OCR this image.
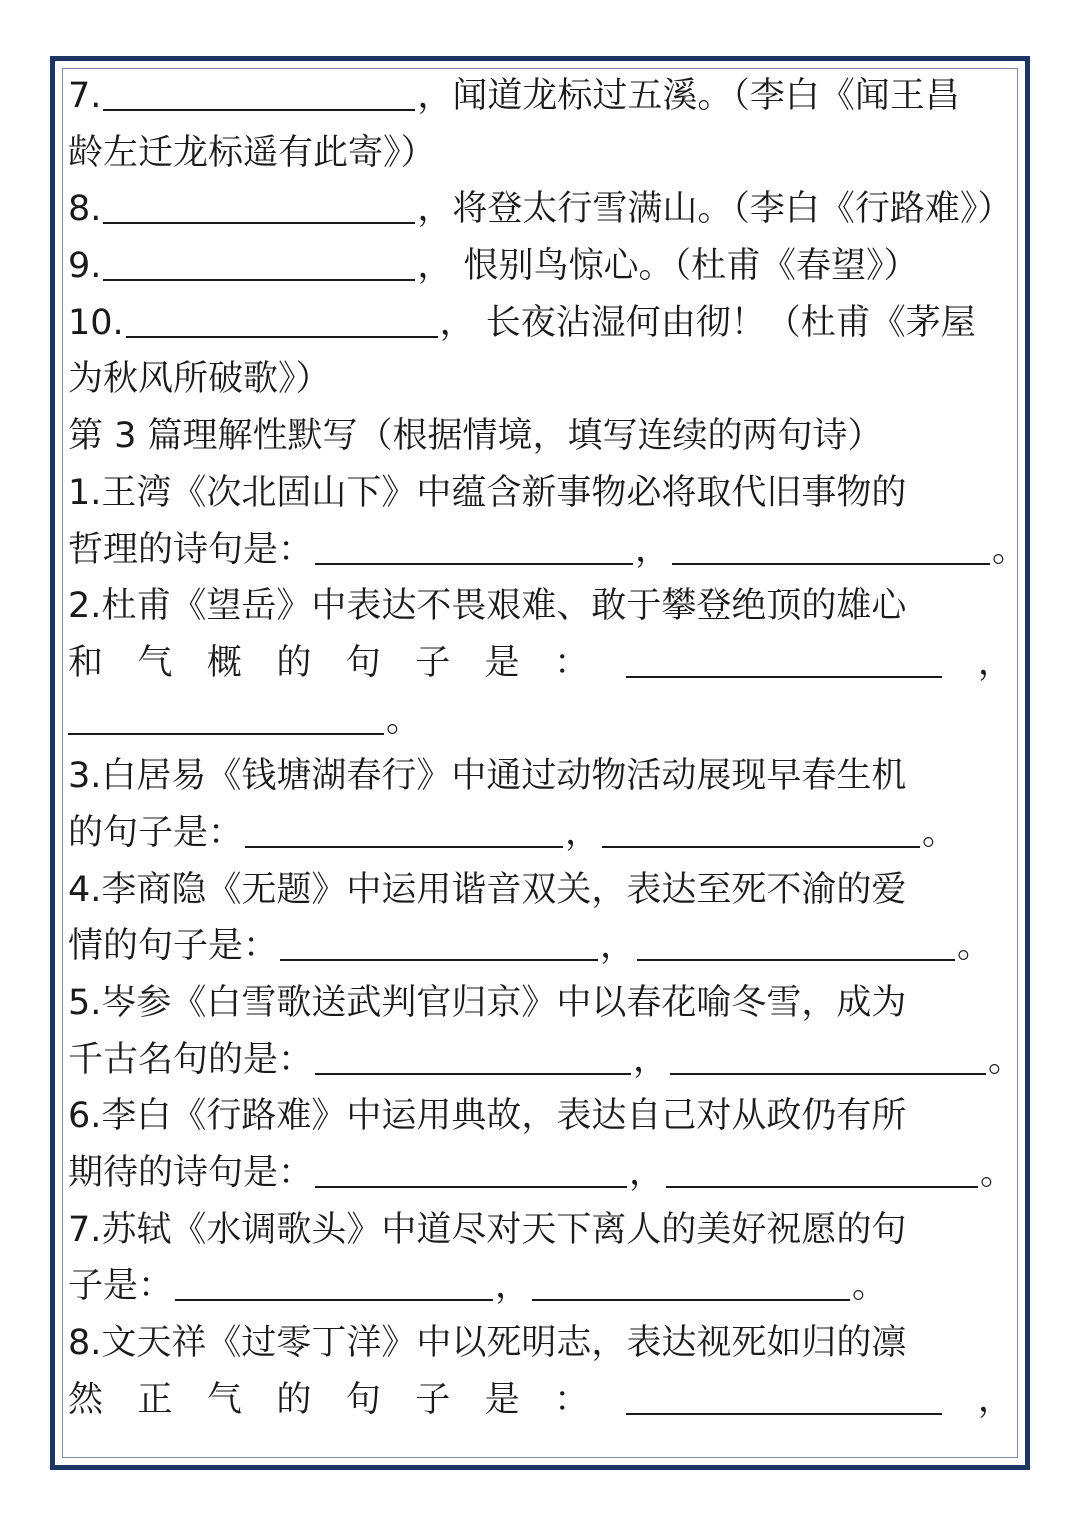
7.	，闻道龙标过五溪。（李白《闻王昌
龄左迁龙标遥有此寄》）
8.	，将登太行雪满山。（李白《行路难》）
9.	， 恨别鸟惊心。（杜甫《春望》）
10.	， 长夜沾湿何由彻！（杜甫《茅屋
为秋风所破歌》）
第 3 篇理解性默写（根据情境，填写连续的两句诗）
1.王湾《次北固山下》中蕴含新事物必将取代旧事物的
哲理的诗句是：	，	。
2.杜甫《望岳》中表达不畏艰难、敢于攀登绝顶的雄心
和 气 概 的 句 子 是 ：	，
。
3.白居易《钱塘湖春行》中通过动物活动展现早春生机
的句子是：	，	。
4.李商隐《无题》中运用谐音双关，表达至死不渝的爱
情的句子是：	，	。
5.岑参《白雪歌送武判官归京》中以春花喻冬雪，成为
千古名句的是：	，	。
6.李白《行路难》中运用典故，表达自己对从政仍有所
期待的诗句是：	，	。
7.苏轼《水调歌头》中道尽对天下离人的美好祝愿的句
子是：	，	。
8.文天祥《过零丁洋》中以死明志，表达视死如归的凛
然 正 气 的 句 子 是 ：	，
